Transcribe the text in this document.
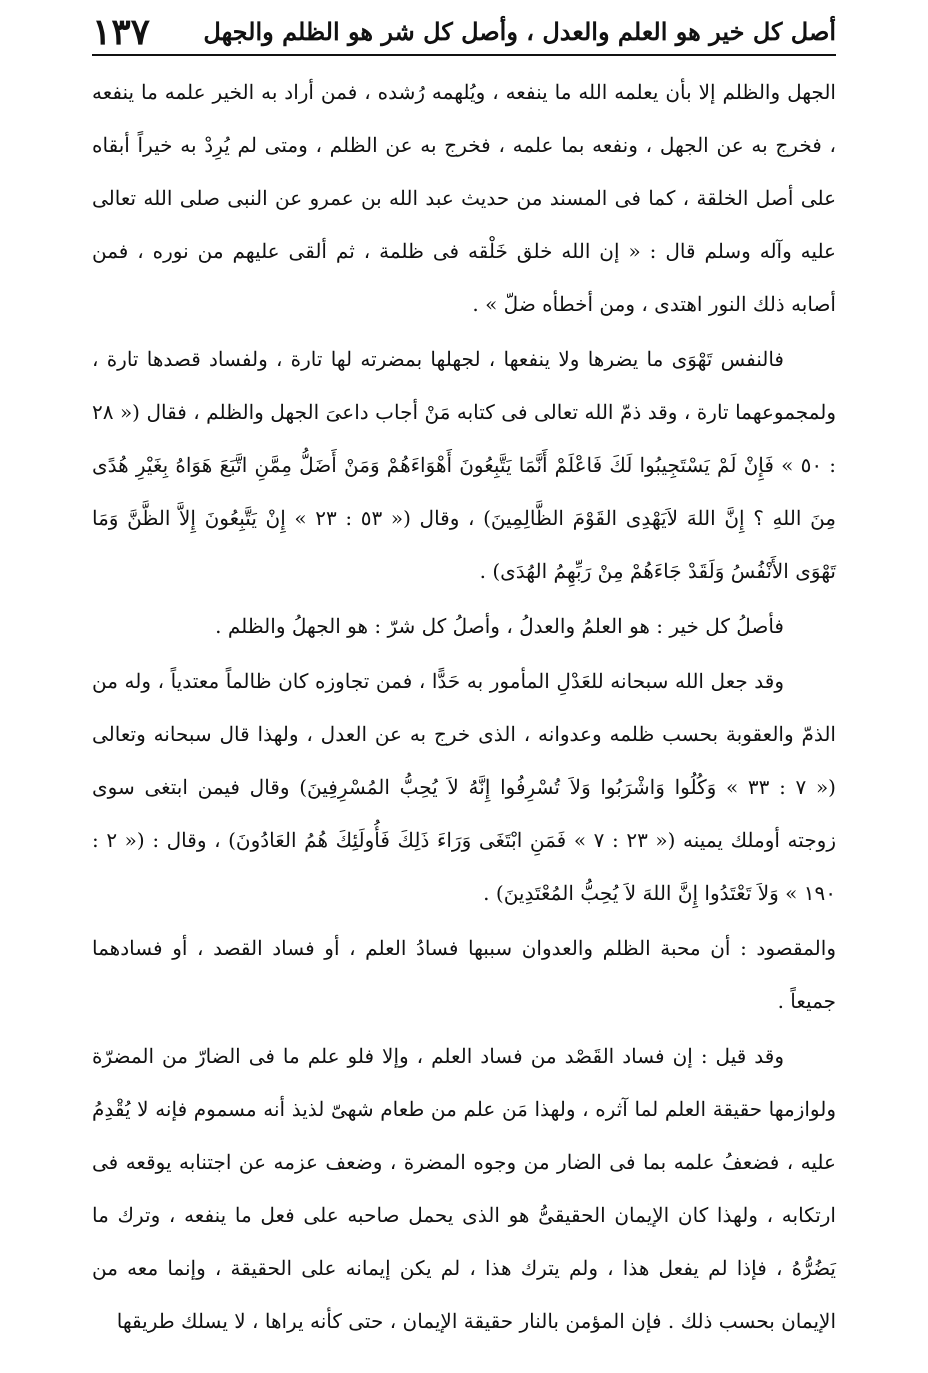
أصل كل خير هو العلم والعدل ، وأصل كل شر هو الظلم والجهل
١٣٧

الجهل والظلم إلا بأن يعلمه الله ما ينفعه ، ويُلهمه رُشده ، فمن أراد به الخير علمه ما ينفعه ، فخرج به عن الجهل ، ونفعه بما علمه ، فخرج به عن الظلم ، ومتى لم يُرِدْ به خيراً أبقاه على أصل الخلقة ، كما فى المسند من حديث عبد الله بن عمرو عن النبى صلى الله تعالى عليه وآله وسلم قال : « إن الله خلق خَلْقه فى ظلمة ، ثم ألقى عليهم من نوره ، فمن أصابه ذلك النور اهتدى ، ومن أخطأه ضلّ » .

فالنفس تَهْوَى ما يضرها ولا ينفعها ، لجهلها بمضرته لها تارة ، ولفساد قصدها تارة ، ولمجموعهما تارة ، وقد ذمّ الله تعالى فى كتابه مَنْ أجاب داعىَ الجهل والظلم ، فقال (« ٢٨ : ٥٠ » فَإِنْ لَمْ يَسْتَجِيبُوا لَكَ فَاعْلَمْ أَنَّمَا يَتَّبِعُونَ أَهْوَاءَهُمْ وَمَنْ أَضَلُّ مِمَّنِ اتَّبَعَ هَوَاهُ بِغَيْرِ هُدًى مِنَ اللهِ ؟ إِنَّ اللهَ لاَيَهْدِى القَوْمَ الظَّالِمِينَ) ، وقال (« ٥٣ : ٢٣ » إِنْ يَتَّبِعُونَ إِلاَّ الظَّنَّ وَمَا تَهْوَى الأَنْفُسُ وَلَقَدْ جَاءَهُمْ مِنْ رَبِّهِمُ الهُدَى) .

فأصلُ كل خير : هو العلمُ والعدلُ ، وأصلُ كل شرّ : هو الجهلُ والظلم .

وقد جعل الله سبحانه للعَدْلِ المأمور به حَدًّا ، فمن تجاوزه كان ظالماً معتدياً ، وله من الذمّ والعقوبة بحسب ظلمه وعدوانه ، الذى خرج به عن العدل ، ولهذا قال سبحانه وتعالى (« ٧ : ٣٣ » وَكُلُوا وَاشْرَبُوا وَلاَ تُسْرِفُوا إِنَّهُ لاَ يُحِبُّ المُسْرِفِينَ) وقال فيمن ابتغى سوى زوجته أوملك يمينه (« ٢٣ : ٧ » فَمَنِ ابْتَغَى وَرَاءَ ذَلِكَ فَأُولَئِكَ هُمُ العَادُونَ) ، وقال : (« ٢ : ١٩٠ » وَلاَ تَعْتَدُوا إِنَّ اللهَ لاَ يُحِبُّ المُعْتَدِينَ) .

والمقصود : أن محبة الظلم والعدوان سببها فسادُ العلم ، أو فساد القصد ، أو فسادهما جميعاً .

وقد قيل : إن فساد القَصْد من فساد العلم ، وإلا فلو علم ما فى الضارّ من المضرّة ولوازمها حقيقة العلم لما آثره ، ولهذا مَن علم من طعام شهىّ لذيذ أنه مسموم فإنه لا يُقْدِمُ عليه ، فضعفُ علمه بما فى الضار من وجوه المضرة ، وضعف عزمه عن اجتنابه يوقعه فى ارتكابه ، ولهذا كان الإيمان الحقيقىُّ هو الذى يحمل صاحبه على فعل ما ينفعه ، وترك ما يَضُرُّهُ ، فإذا لم يفعل هذا ، ولم يترك هذا ، لم يكن إيمانه على الحقيقة ، وإنما معه من الإيمان بحسب ذلك . فإن المؤمن بالنار حقيقة الإيمان ، حتى كأنه يراها ، لا يسلك طريقها
